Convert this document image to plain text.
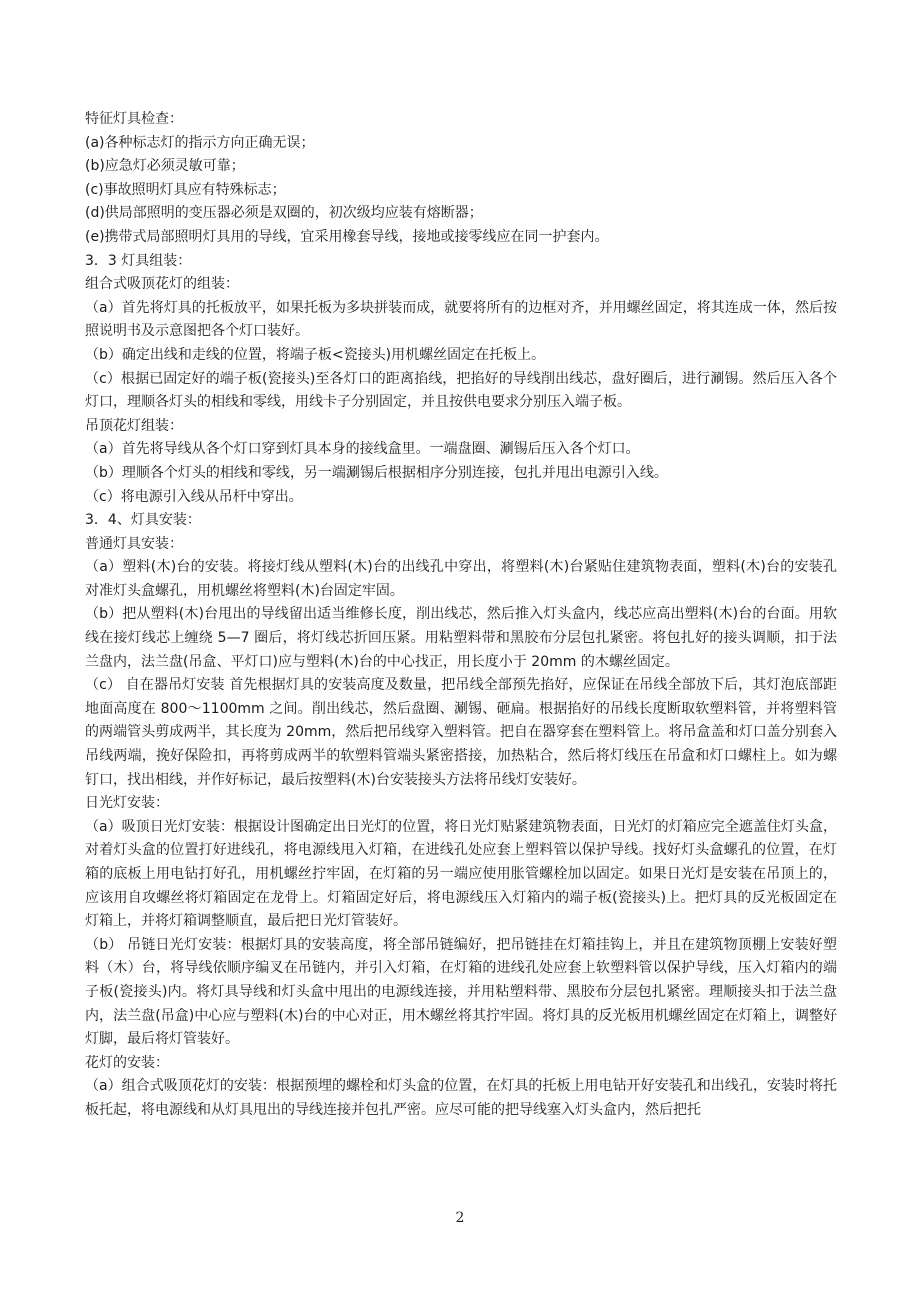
特征灯具检查：

(a)各种标志灯的指示方向正确无误；

(b)应急灯必须灵敏可靠；

(c)事故照明灯具应有特殊标志；

(d)供局部照明的变压器必须是双圈的，初次级均应装有熔断器；

(e)携带式局部照明灯具用的导线，宜采用橡套导线，接地或接零线应在同一护套内。

3．3 灯具组装：

组合式吸顶花灯的组装：

（a）首先将灯具的托板放平，如果托板为多块拼装而成，就要将所有的边框对齐，并用螺丝固定，将其连成一体，然后按照说明书及示意图把各个灯口装好。

（b）确定出线和走线的位置，将端子板<瓷接头)用机螺丝固定在托板上。

（c）根据已固定好的端子板(瓷接头)至各灯口的距离掐线，把掐好的导线削出线芯，盘好圈后，进行涮锡。然后压入各个灯口，理顺各灯头的相线和零线，用线卡子分别固定，并且按供电要求分别压入端子板。

吊顶花灯组装：

（a）首先将导线从各个灯口穿到灯具本身的接线盒里。一端盘圈、涮锡后压入各个灯口。

（b）理顺各个灯头的相线和零线，另一端涮锡后根据相序分别连接，包扎并甩出电源引入线。

（c）将电源引入线从吊杆中穿出。

3．4、灯具安装：

普通灯具安装：

（a）塑料(木)台的安装。将接灯线从塑料(木)台的出线孔中穿出，将塑料(木)台紧贴住建筑物表面，塑料(木)台的安装孔对准灯头盒螺孔，用机螺丝将塑料(木)台固定牢固。

（b）把从塑料(木)台甩出的导线留出适当维修长度，削出线芯，然后推入灯头盒内，线芯应高出塑料(木)台的台面。用软线在接灯线芯上缠绕 5—7 圈后，将灯线芯折回压紧。用粘塑料带和黑胶布分层包扎紧密。将包扎好的接头调顺，扣于法兰盘内，法兰盘(吊盒、平灯口)应与塑料(木)台的中心找正，用长度小于 20mm 的木螺丝固定。

（c） 自在器吊灯安装 首先根据灯具的安装高度及数量，把吊线全部预先掐好，应保证在吊线全部放下后，其灯泡底部距地面高度在 800～1100mm 之间。削出线芯，然后盘圈、涮锡、砸扁。根据掐好的吊线长度断取软塑料管，并将塑料管的两端管头剪成两半，其长度为 20mm，然后把吊线穿入塑料管。把自在器穿套在塑料管上。将吊盒盖和灯口盖分别套入吊线两端，挽好保险扣，再将剪成两半的软塑料管端头紧密搭接，加热粘合，然后将灯线压在吊盒和灯口螺柱上。如为螺钉口，找出相线，并作好标记，最后按塑料(木)台安装接头方法将吊线灯安装好。

日光灯安装：

（a）吸顶日光灯安装：根据设计图确定出日光灯的位置，将日光灯贴紧建筑物表面，日光灯的灯箱应完全遮盖住灯头盒，对着灯头盒的位置打好进线孔，将电源线甩入灯箱，在进线孔处应套上塑料管以保护导线。找好灯头盒螺孔的位置，在灯箱的底板上用电钻打好孔，用机螺丝拧牢固，在灯箱的另一端应使用胀管螺栓加以固定。如果日光灯是安装在吊顶上的，应该用自攻螺丝将灯箱固定在龙骨上。灯箱固定好后，将电源线压入灯箱内的端子板(瓷接头)上。把灯具的反光板固定在灯箱上，并将灯箱调整顺直，最后把日光灯管装好。

（b） 吊链日光灯安装：根据灯具的安装高度，将全部吊链编好，把吊链挂在灯箱挂钩上，并且在建筑物顶棚上安装好塑料（木）台，将导线依顺序编叉在吊链内，并引入灯箱，在灯箱的进线孔处应套上软塑料管以保护导线，压入灯箱内的端子板(瓷接头)内。将灯具导线和灯头盒中甩出的电源线连接，并用粘塑料带、黑胶布分层包扎紧密。理顺接头扣于法兰盘内，法兰盘(吊盒)中心应与塑料(木)台的中心对正，用木螺丝将其拧牢固。将灯具的反光板用机螺丝固定在灯箱上，调整好灯脚，最后将灯管装好。

花灯的安装：

（a）组合式吸顶花灯的安装：根据预埋的螺栓和灯头盒的位置，在灯具的托板上用电钻开好安装孔和出线孔，安装时将托板托起，将电源线和从灯具甩出的导线连接并包扎严密。应尽可能的把导线塞入灯头盒内，然后把托

2
